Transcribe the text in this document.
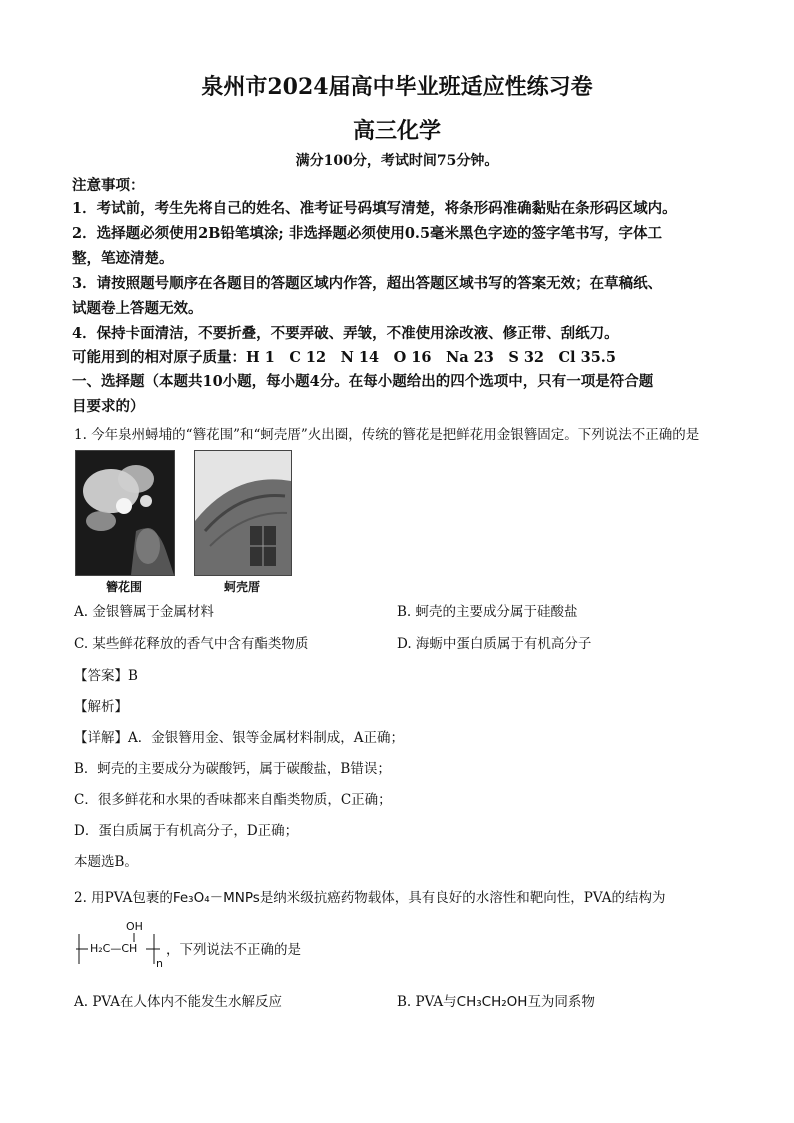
泉州市2024届高中毕业班适应性练习卷
高三化学
满分100分，考试时间75分钟。
注意事项：
1．考试前，考生先将自己的姓名、准考证号码填写清楚，将条形码准确黏贴在条形码区域内。
2．选择题必须使用2B铅笔填涂; 非选择题必须使用0.5毫米黑色字迹的签字笔书写，字体工
整，笔迹清楚。
3．请按照题号顺序在各题目的答题区域内作答，超出答题区域书写的答案无效；在草稿纸、
试题卷上答题无效。
4．保持卡面清洁，不要折叠，不要弄破、弄皱，不准使用涂改液、修正带、刮纸刀。
可能用到的相对原子质量：H 1　C 12　N 14　O 16　Na 23　S 32　Cl 35.5
一、选择题（本题共10小题，每小题4分。在每小题给出的四个选项中，只有一项是符合题
目要求的）
1. 今年泉州蟳埔的“簪花围”和“蚵壳厝”火出圈，传统的簪花是把鲜花用金银簪固定。下列说法不正确的是
簪花围	蚵壳厝
A. 金银簪属于金属材料	B. 蚵壳的主要成分属于硅酸盐
C. 某些鲜花释放的香气中含有酯类物质	D. 海蛎中蛋白质属于有机高分子
【答案】B
【解析】
【详解】A．金银簪用金、银等金属材料制成，A正确；
B．蚵壳的主要成分为碳酸钙，属于碳酸盐，B错误；
C．很多鲜花和水果的香味都来自酯类物质，C正确；
D．蛋白质属于有机高分子，D正确；
本题选B。
2. 用PVA包裹的Fe₃O₄－MNPs是纳米级抗癌药物载体，具有良好的水溶性和靶向性，PVA的结构为
OH
H₂C—CH
n
，下列说法不正确的是
A. PVA在人体内不能发生水解反应	B. PVA与CH₃CH₂OH互为同系物
